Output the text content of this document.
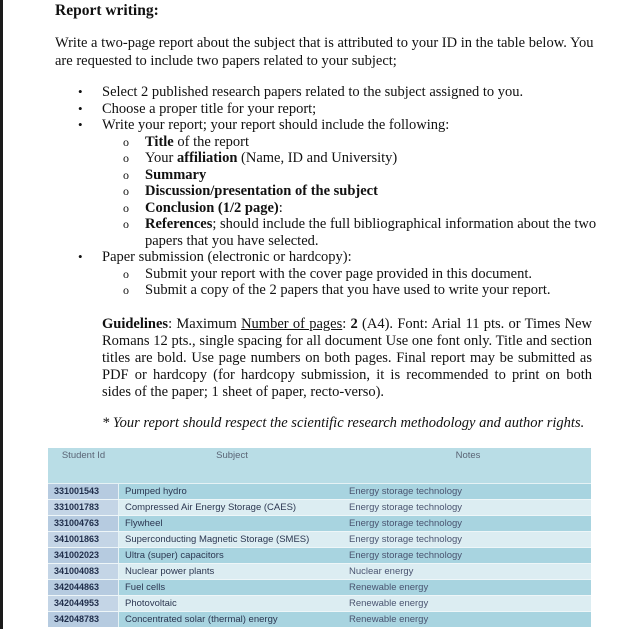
Report writing:
Write a two-page report about the subject that is attributed to your ID in the table below. You are requested to include two papers related to your subject;
• Select 2 published research papers related to the subject assigned to you.
• Choose a proper title for your report;
• Write your report; your report should include the following:
o Title of the report
o Your affiliation (Name, ID and University)
o Summary
o Discussion/presentation of the subject
o Conclusion (1/2 page):
o References; should include the full bibliographical information about the two papers that you have selected.
• Paper submission (electronic or hardcopy):
o Submit your report with the cover page provided in this document.
o Submit a copy of the 2 papers that you have used to write your report.
Guidelines: Maximum Number of pages: 2 (A4). Font: Arial 11 pts. or Times New Romans 12 pts., single spacing for all document Use one font only. Title and section titles are bold. Use page numbers on both pages. Final report may be submitted as PDF or hardcopy (for hardcopy submission, it is recommended to print on both sides of the paper; 1 sheet of paper, recto-verso).
* Your report should respect the scientific research methodology and author rights.
Student Id	Subject	Notes
331001543	Pumped hydro	Energy storage technology
331001783	Compressed Air Energy Storage (CAES)	Energy storage technology
331004763	Flywheel	Energy storage technology
341001863	Superconducting Magnetic Storage (SMES)	Energy storage technology
341002023	Ultra (super) capacitors	Energy storage technology
341004083	Nuclear power plants	Nuclear energy
342044863	Fuel cells	Renewable energy
342044953	Photovoltaic	Renewable energy
342048783	Concentrated solar (thermal) energy	Renewable energy
